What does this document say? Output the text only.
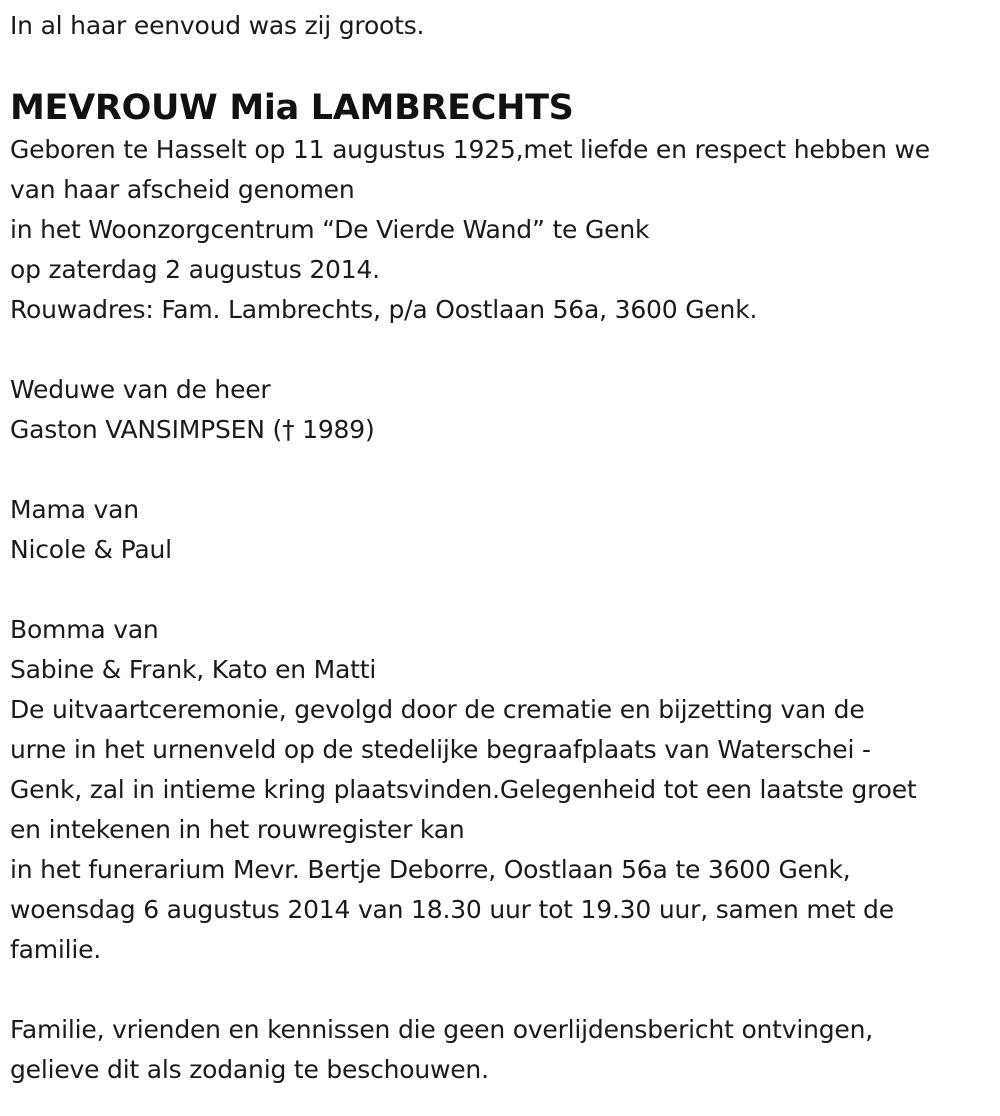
In al haar eenvoud was zij groots.
MEVROUW Mia LAMBRECHTS
Geboren te Hasselt op 11 augustus 1925,met liefde en respect hebben we
van haar afscheid genomen
in het Woonzorgcentrum “De Vierde Wand” te Genk
op zaterdag 2 augustus 2014.
Rouwadres: Fam. Lambrechts, p/a Oostlaan 56a, 3600 Genk.
Weduwe van de heer
Gaston VANSIMPSEN († 1989)
Mama van
Nicole & Paul
Bomma van
Sabine & Frank, Kato en Matti
De uitvaartceremonie, gevolgd door de crematie en bijzetting van de
urne in het urnenveld op de stedelijke begraafplaats van Waterschei -
Genk, zal in intieme kring plaatsvinden.Gelegenheid tot een laatste groet
en intekenen in het rouwregister kan
in het funerarium Mevr. Bertje Deborre, Oostlaan 56a te 3600 Genk,
woensdag 6 augustus 2014 van 18.30 uur tot 19.30 uur, samen met de
familie.
Familie, vrienden en kennissen die geen overlijdensbericht ontvingen,
gelieve dit als zodanig te beschouwen.
